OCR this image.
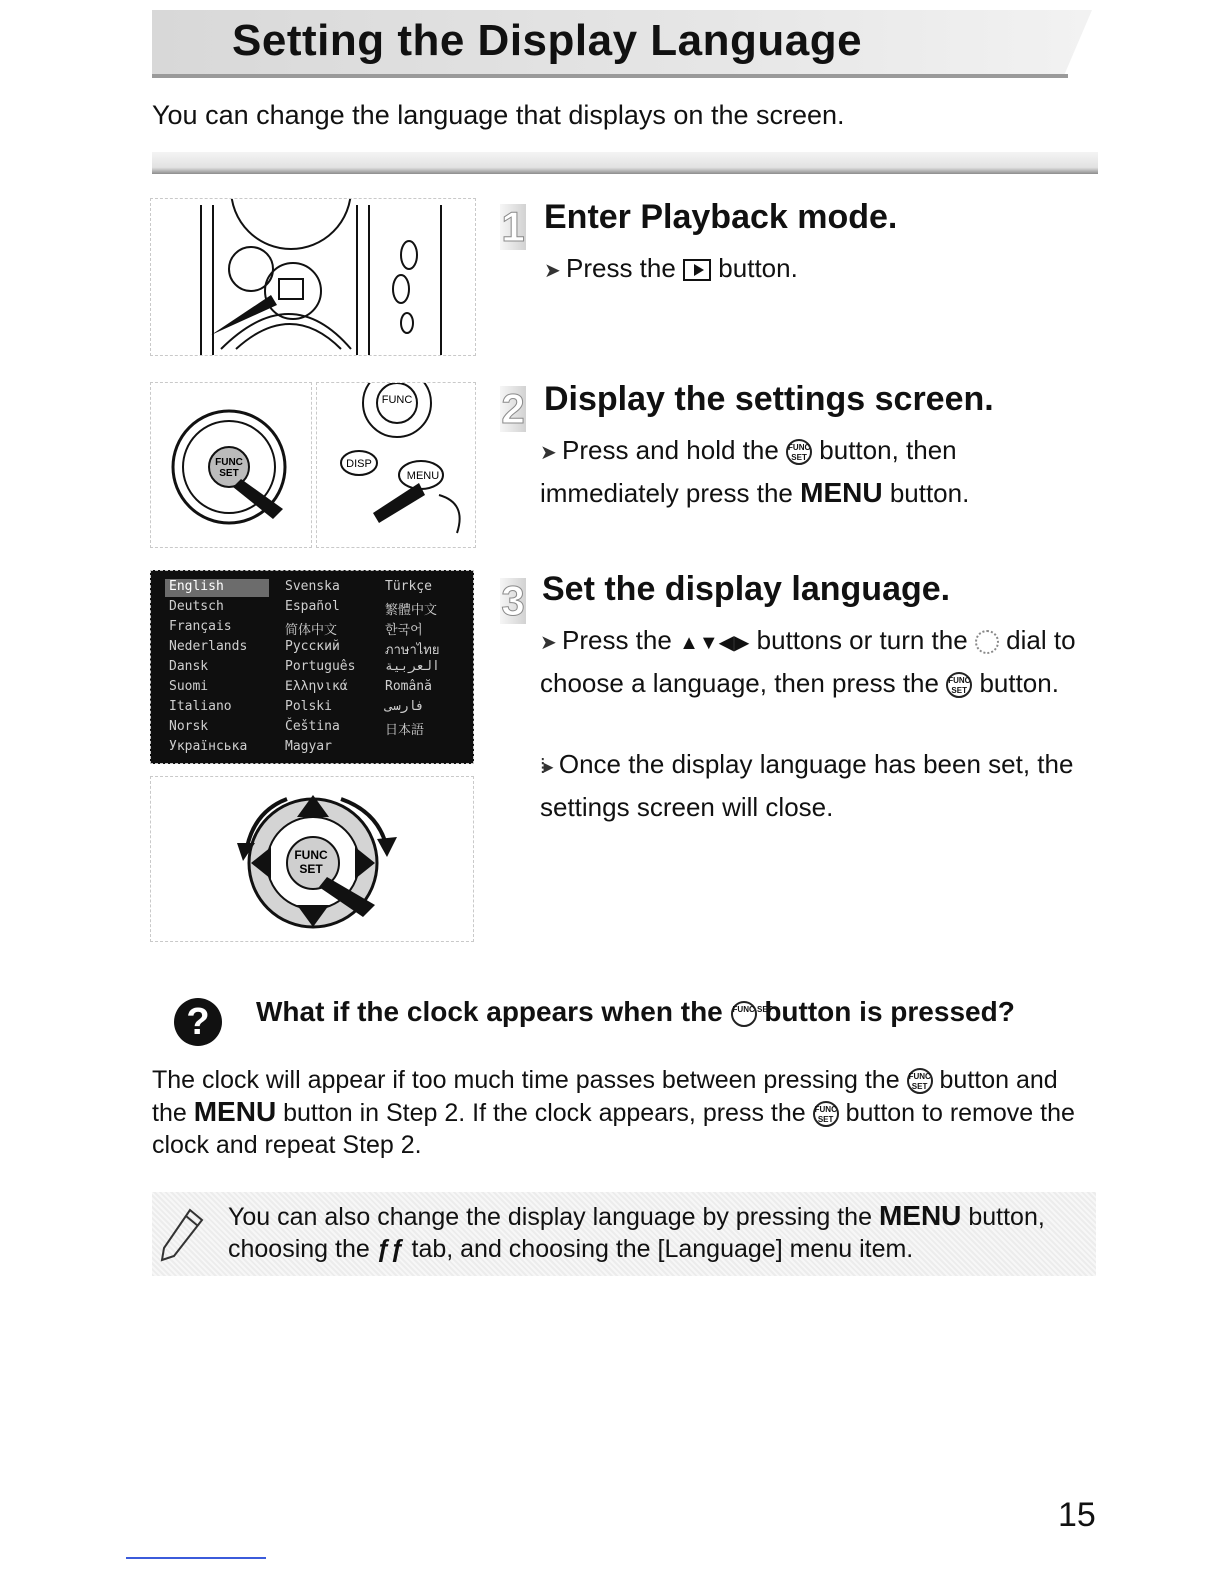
Setting the Display Language
You can change the language that displays on the screen.
FUNC
SET
FUNC
DISP
MENU
English
Deutsch
Français
Nederlands
Dansk
Suomi
Italiano
Norsk
Українська
Svenska
Español
简体中文
Русский
Português
Ελληνικά
Polski
Čeština
Magyar
Türkçe
繁體中文
한국어
ภาษาไทย
العربية
Română
فارسی
日本語
FUNC
SET
1 Enter Playback mode.
➤ Press the button.
2 Display the settings screen.
➤ Press and hold the FUNC SET button, then immediately press the MENU button.
3 Set the display language.
➤ Press the ▲▼◀▶ buttons or turn the dial to choose a language, then press the FUNC SET button.
⁞▸ Once the display language has been set, the settings screen will close.
?	What if the clock appears when the FUNC SET button is pressed?
The clock will appear if too much time passes between pressing the FUNC SET button and the MENU button in Step 2. If the clock appears, press the FUNC SET button to remove the clock and repeat Step 2.
You can also change the display language by pressing the MENU button, choosing the ƒƒ tab, and choosing the [Language] menu item.
15
